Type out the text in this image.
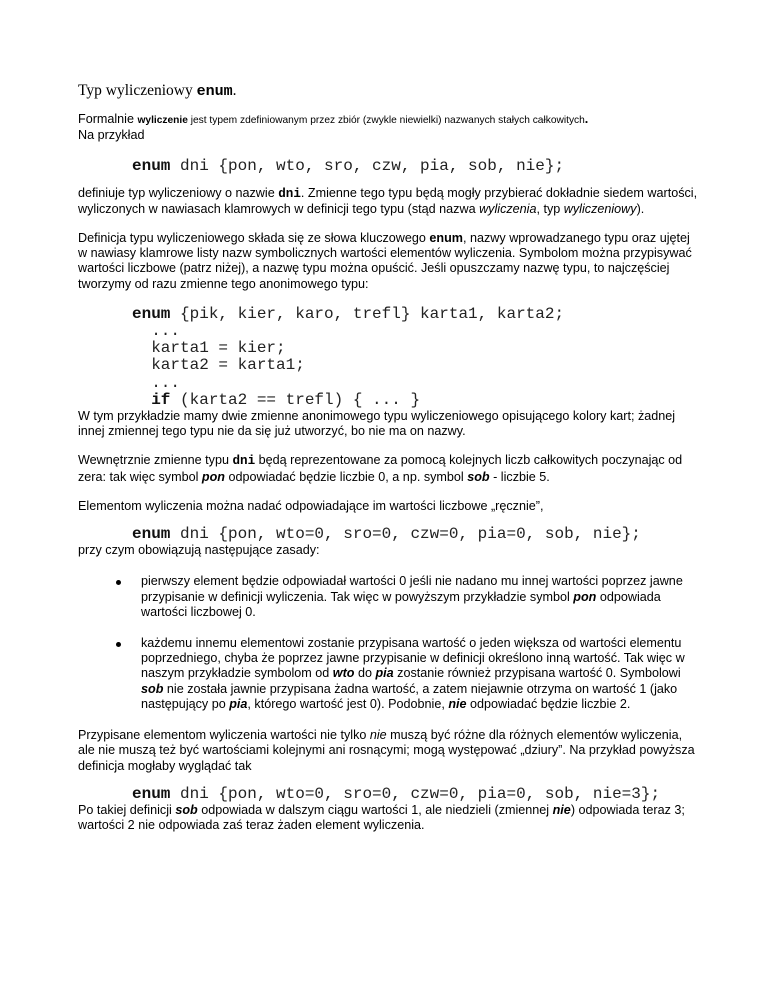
Typ wyliczeniowy enum.

Formalnie wyliczenie jest typem zdefiniowanym przez zbiór (zwykle niewielki) nazwanych stałych całkowitych.
Na przykład

enum dni {pon, wto, sro, czw, pia, sob, nie};

definiuje typ wyliczeniowy o nazwie dni. Zmienne tego typu będą mogły przybierać dokładnie siedem wartości, wyliczonych w nawiasach klamrowych w definicji tego typu (stąd nazwa wyliczenia, typ wyliczeniowy).

Definicja typu wyliczeniowego składa się ze słowa kluczowego enum, nazwy wprowadzanego typu oraz ujętej w nawiasy klamrowe listy nazw symbolicznych wartości elementów wyliczenia. Symbolom można przypisywać wartości liczbowe (patrz niżej), a nazwę typu można opuścić. Jeśli opuszczamy nazwę typu, to najczęściej tworzymy od razu zmienne tego anonimowego typu:

enum {pik, kier, karo, trefl} karta1, karta2;
...
karta1 = kier;
karta2 = karta1;
...
if (karta2 == trefl) { ... }

W tym przykładzie mamy dwie zmienne anonimowego typu wyliczeniowego opisującego kolory kart; żadnej innej zmiennej tego typu nie da się już utworzyć, bo nie ma on nazwy.

Wewnętrznie zmienne typu dni będą reprezentowane za pomocą kolejnych liczb całkowitych poczynając od zera: tak więc symbol pon odpowiadać będzie liczbie 0, a np. symbol sob - liczbie 5.

Elementom wyliczenia można nadać odpowiadające im wartości liczbowe „ręcznie”,

enum dni {pon, wto=0, sro=0, czw=0, pia=0, sob, nie};

przy czym obowiązują następujące zasady:

pierwszy element będzie odpowiadał wartości 0 jeśli nie nadano mu innej wartości poprzez jawne przypisanie w definicji wyliczenia. Tak więc w powyższym przykładzie symbol pon odpowiada wartości liczbowej 0.
każdemu innemu elementowi zostanie przypisana wartość o jeden większa od wartości elementu poprzedniego, chyba że poprzez jawne przypisanie w definicji określono inną wartość. Tak więc w naszym przykładzie symbolom od wto do pia zostanie również przypisana wartość 0. Symbolowi sob nie została jawnie przypisana żadna wartość, a zatem niejawnie otrzyma on wartość 1 (jako następujący po pia, którego wartość jest 0). Podobnie, nie odpowiadać będzie liczbie 2.

Przypisane elementom wyliczenia wartości nie tylko nie muszą być różne dla różnych elementów wyliczenia, ale nie muszą też być wartościami kolejnymi ani rosnącymi; mogą występować „dziury”. Na przykład powyższa definicja mogłaby wyglądać tak

enum dni {pon, wto=0, sro=0, czw=0, pia=0, sob, nie=3};

Po takiej definicji sob odpowiada w dalszym ciągu wartości 1, ale niedzieli (zmiennej nie) odpowiada teraz 3; wartości 2 nie odpowiada zaś teraz żaden element wyliczenia.
